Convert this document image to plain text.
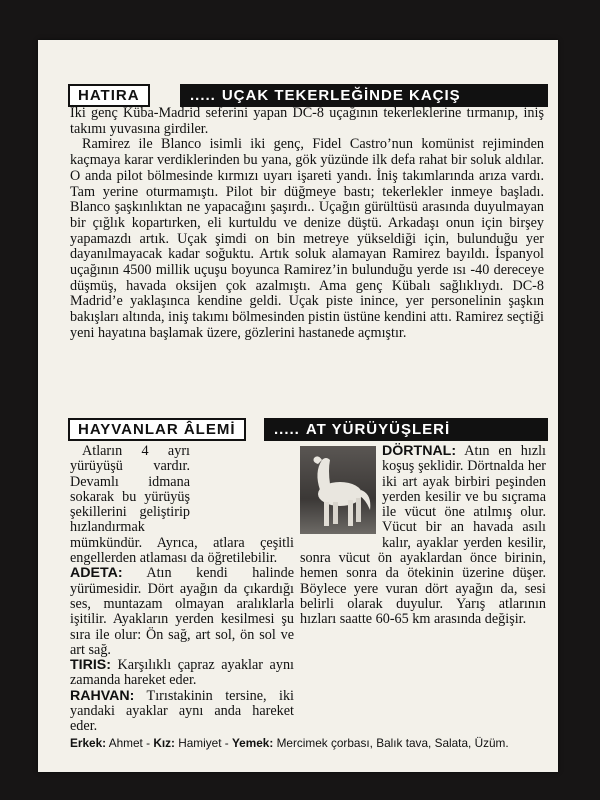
HATIRA	..... UÇAK TEKERLEĞİNDE KAÇIŞ

İki genç Küba-Madrid seferini yapan DC-8 uçağının tekerleklerine tırmanıp, iniş takımı yuvasına girdiler.

Ramirez ile Blanco isimli iki genç, Fidel Castro’nun komünist rejiminden kaçmaya karar verdiklerinden bu yana, gök yüzünde ilk defa rahat bir soluk aldılar. O anda pilot bölmesinde kırmızı uyarı işareti yandı. İniş takımlarında arıza vardı. Tam yerine oturmamıştı. Pilot bir düğmeye bastı; tekerlekler inmeye başladı. Blanco şaşkınlıktan ne yapacağını şaşırdı.. Uçağın gürültüsü arasında duyulmayan bir çığlık kopartırken, eli kurtuldu ve denize düştü. Arkadaşı onun için birşey yapamazdı artık. Uçak şimdi on bin metreye yükseldiği için, bulunduğu yer dayanılmayacak kadar soğuktu. Artık soluk alamayan Ramirez bayıldı. İspanyol uçağının 4500 millik uçuşu boyunca Ramirez’in bulunduğu yerde ısı -40 dereceye düşmüş, havada oksijen çok azalmıştı. Ama genç Kübalı sağlıklıydı. DC-8 Madrid’e yaklaşınca kendine geldi. Uçak piste inince, yer personelinin şaşkın bakışları altında, iniş takımı bölmesinden pistin üstüne kendini attı. Ramirez seçtiği yeni hayatına başlamak üzere, gözlerini hastanede açmıştır.

HAYVANLAR ÂLEMİ	..... AT YÜRÜYÜŞLERİ

Atların 4 ayrı yürüyüşü vardır. Devamlı idmana sokarak bu yürüyüş şekillerini geliştirip hızlandırmak mümkündür. Ayrıca, atlara çeşitli engellerden atlaması da öğretilebilir.

ADETA: Atın kendi halinde yürümesidir. Dört ayağın da çıkardığı ses, muntazam olmayan aralıklarla işitilir. Ayakların yerden kesilmesi şu sıra ile olur: Ön sağ, art sol, ön sol ve art sağ.

TIRIS: Karşılıklı çapraz ayaklar aynı zamanda hareket eder.

RAHVAN: Tırıstakinin tersine, iki yandaki ayaklar aynı anda hareket eder.

DÖRTNAL: Atın en hızlı koşuş şeklidir. Dörtnalda her iki art ayak birbiri peşinden yerden kesilir ve bu sıçrama ile vücut öne atılmış olur. Vücut bir an havada asılı kalır, ayaklar yerden kesilir, sonra vücut ön ayaklardan önce birinin, hemen sonra da ötekinin üzerine düşer. Böylece yere vuran dört ayağın da, sesi belirli olarak duyulur. Yarış atlarının hızları saatte 60-65 km arasında değişir.

Erkek: Ahmet - Kız: Hamiyet - Yemek: Mercimek çorbası, Balık tava, Salata, Üzüm.
